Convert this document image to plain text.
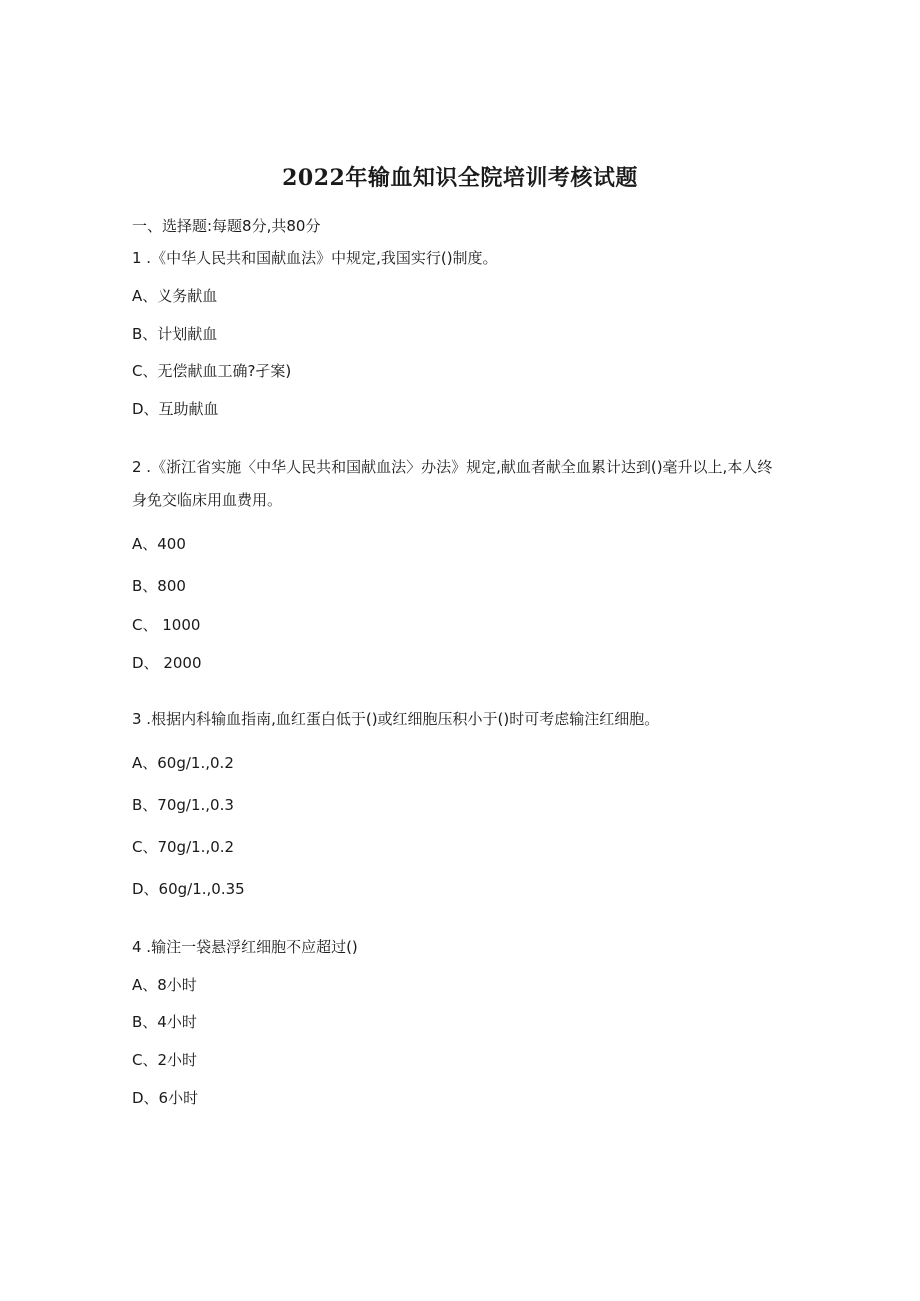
2022年输血知识全院培训考核试题
一、选择题:每题8分,共80分
1 .《中华人民共和国献血法》中规定,我国实行()制度。
A、义务献血
B、计划献血
C、无偿献血工确?孑案)
D、互助献血
2 .《浙江省实施〈中华人民共和国献血法〉办法》规定,献血者献全血累计达到()毫升以上,本人终身免交临床用血费用。
A、400
B、800
C、 1000
D、 2000
3 .根据内科输血指南,血红蛋白低于()或红细胞压积小于()时可考虑输注红细胞。
A、60g∕1.,0.2
B、70g∕1.,0.3
C、70g∕1.,0.2
D、60g∕1.,0.35
4 .输注一袋悬浮红细胞不应超过()
A、8小时
B、4小时
C、2小时
D、6小时
